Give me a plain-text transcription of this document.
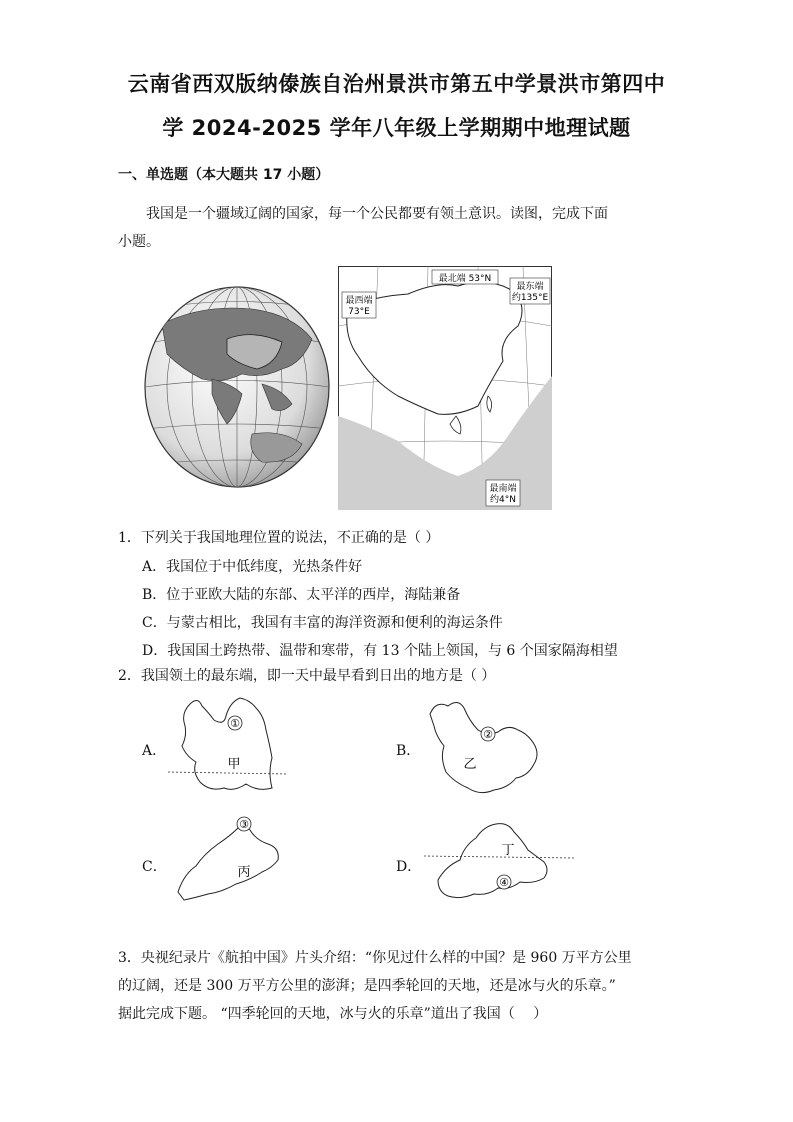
云南省西双版纳傣族自治州景洪市第五中学景洪市第四中
学 2024-2025 学年八年级上学期期中地理试题
一、单选题（本大题共 17 小题）
我国是一个疆域辽阔的国家，每一个公民都要有领土意识。读图，完成下面
小题。
最北端 53°N
最西端
73°E
最东端
约135°E
最南端
约4°N
1．下列关于我国地理位置的说法，不正确的是（ ）
A．我国位于中低纬度，光热条件好
B．位于亚欧大陆的东部、太平洋的西岸，海陆兼备
C．与蒙古相比，我国有丰富的海洋资源和便利的海运条件
D．我国国土跨热带、温带和寒带，有 13 个陆上领国，与 6 个国家隔海相望
2．我国领土的最东端，即一天中最早看到日出的地方是（ ）
A．
①
甲
B．
②
乙
C．
③
丙	D．
④
丁
3．央视纪录片《航拍中国》片头介绍：“你见过什么样的中国？是 960 万平方公里
的辽阔，还是 300 万平方公里的澎湃；是四季轮回的天地，还是冰与火的乐章。”
据此完成下题。 “四季轮回的天地，冰与火的乐章”道出了我国（　 ）
